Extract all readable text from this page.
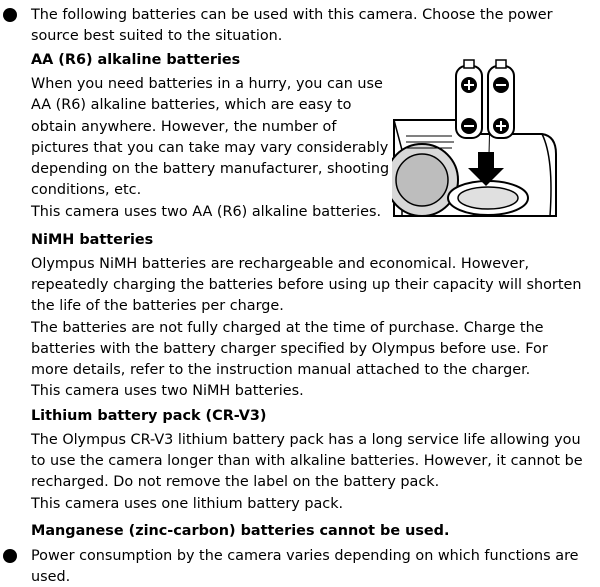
The following batteries can be used with this camera. Choose the power
source best suited to the situation.
AA (R6) alkaline batteries
When you need batteries in a hurry, you can use
AA (R6) alkaline batteries, which are easy to
obtain anywhere. However, the number of
pictures that you can take may vary considerably
depending on the battery manufacturer, shooting
conditions, etc.
This camera uses two AA (R6) alkaline batteries.
NiMH batteries
Olympus NiMH batteries are rechargeable and economical. However,
repeatedly charging the batteries before using up their capacity will shorten
the life of the batteries per charge.
The batteries are not fully charged at the time of purchase. Charge the
batteries with the battery charger specified by Olympus before use. For
more details, refer to the instruction manual attached to the charger.
This camera uses two NiMH batteries.
Lithium battery pack (CR-V3)
The Olympus CR-V3 lithium battery pack has a long service life allowing you
to use the camera longer than with alkaline batteries. However, it cannot be
recharged. Do not remove the label on the battery pack.
This camera uses one lithium battery pack.
Manganese (zinc-carbon) batteries cannot be used.
Power consumption by the camera varies depending on which functions are
used.
